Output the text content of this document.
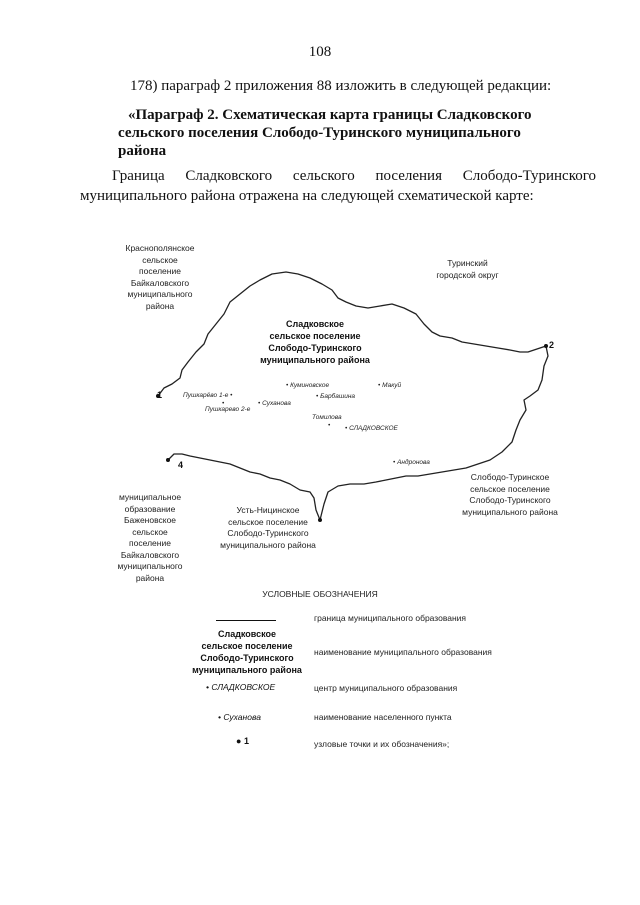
108
178) параграф 2 приложения 88 изложить в следующей редакции:
«Параграф 2. Схематическая карта границы Сладковского сельского поселения Слободо-Туринского муниципального района
Граница Сладковского сельского поселения Слободо-Туринского муниципального района отражена на следующей схематической карте:
1
2
4
Сладковское
сельское поселение
Слободо-Туринского
муниципального района
Краснополянское
сельское
поселение
Байкаловского
муниципального
района
Туринский
городской округ
Слободо-Туринское
сельское поселение
Слободо-Туринского
муниципального района
Усть-Ницинское
сельское поселение
Слободо-Туринского
муниципального района
муниципальное
образование
Баженовское
сельское
поселение
Байкаловского
муниципального
района
Пушкарёво 1-е •
•
Пушкарево 2-е
• Суханова
• Куминовское
• Барбашина
• Макуй
Томилова
• • СЛАДКОВСКОЕ
• Андронова
УСЛОВНЫЕ ОБОЗНАЧЕНИЯ
граница муниципального образования
Сладковское
сельское поселение
Слободо-Туринского
муниципального района
наименование муниципального образования
• СЛАДКОВСКОЕ	центр муниципального образования
• Суханова	наименование населенного пункта
● 1	узловые точки и их обозначения»;
